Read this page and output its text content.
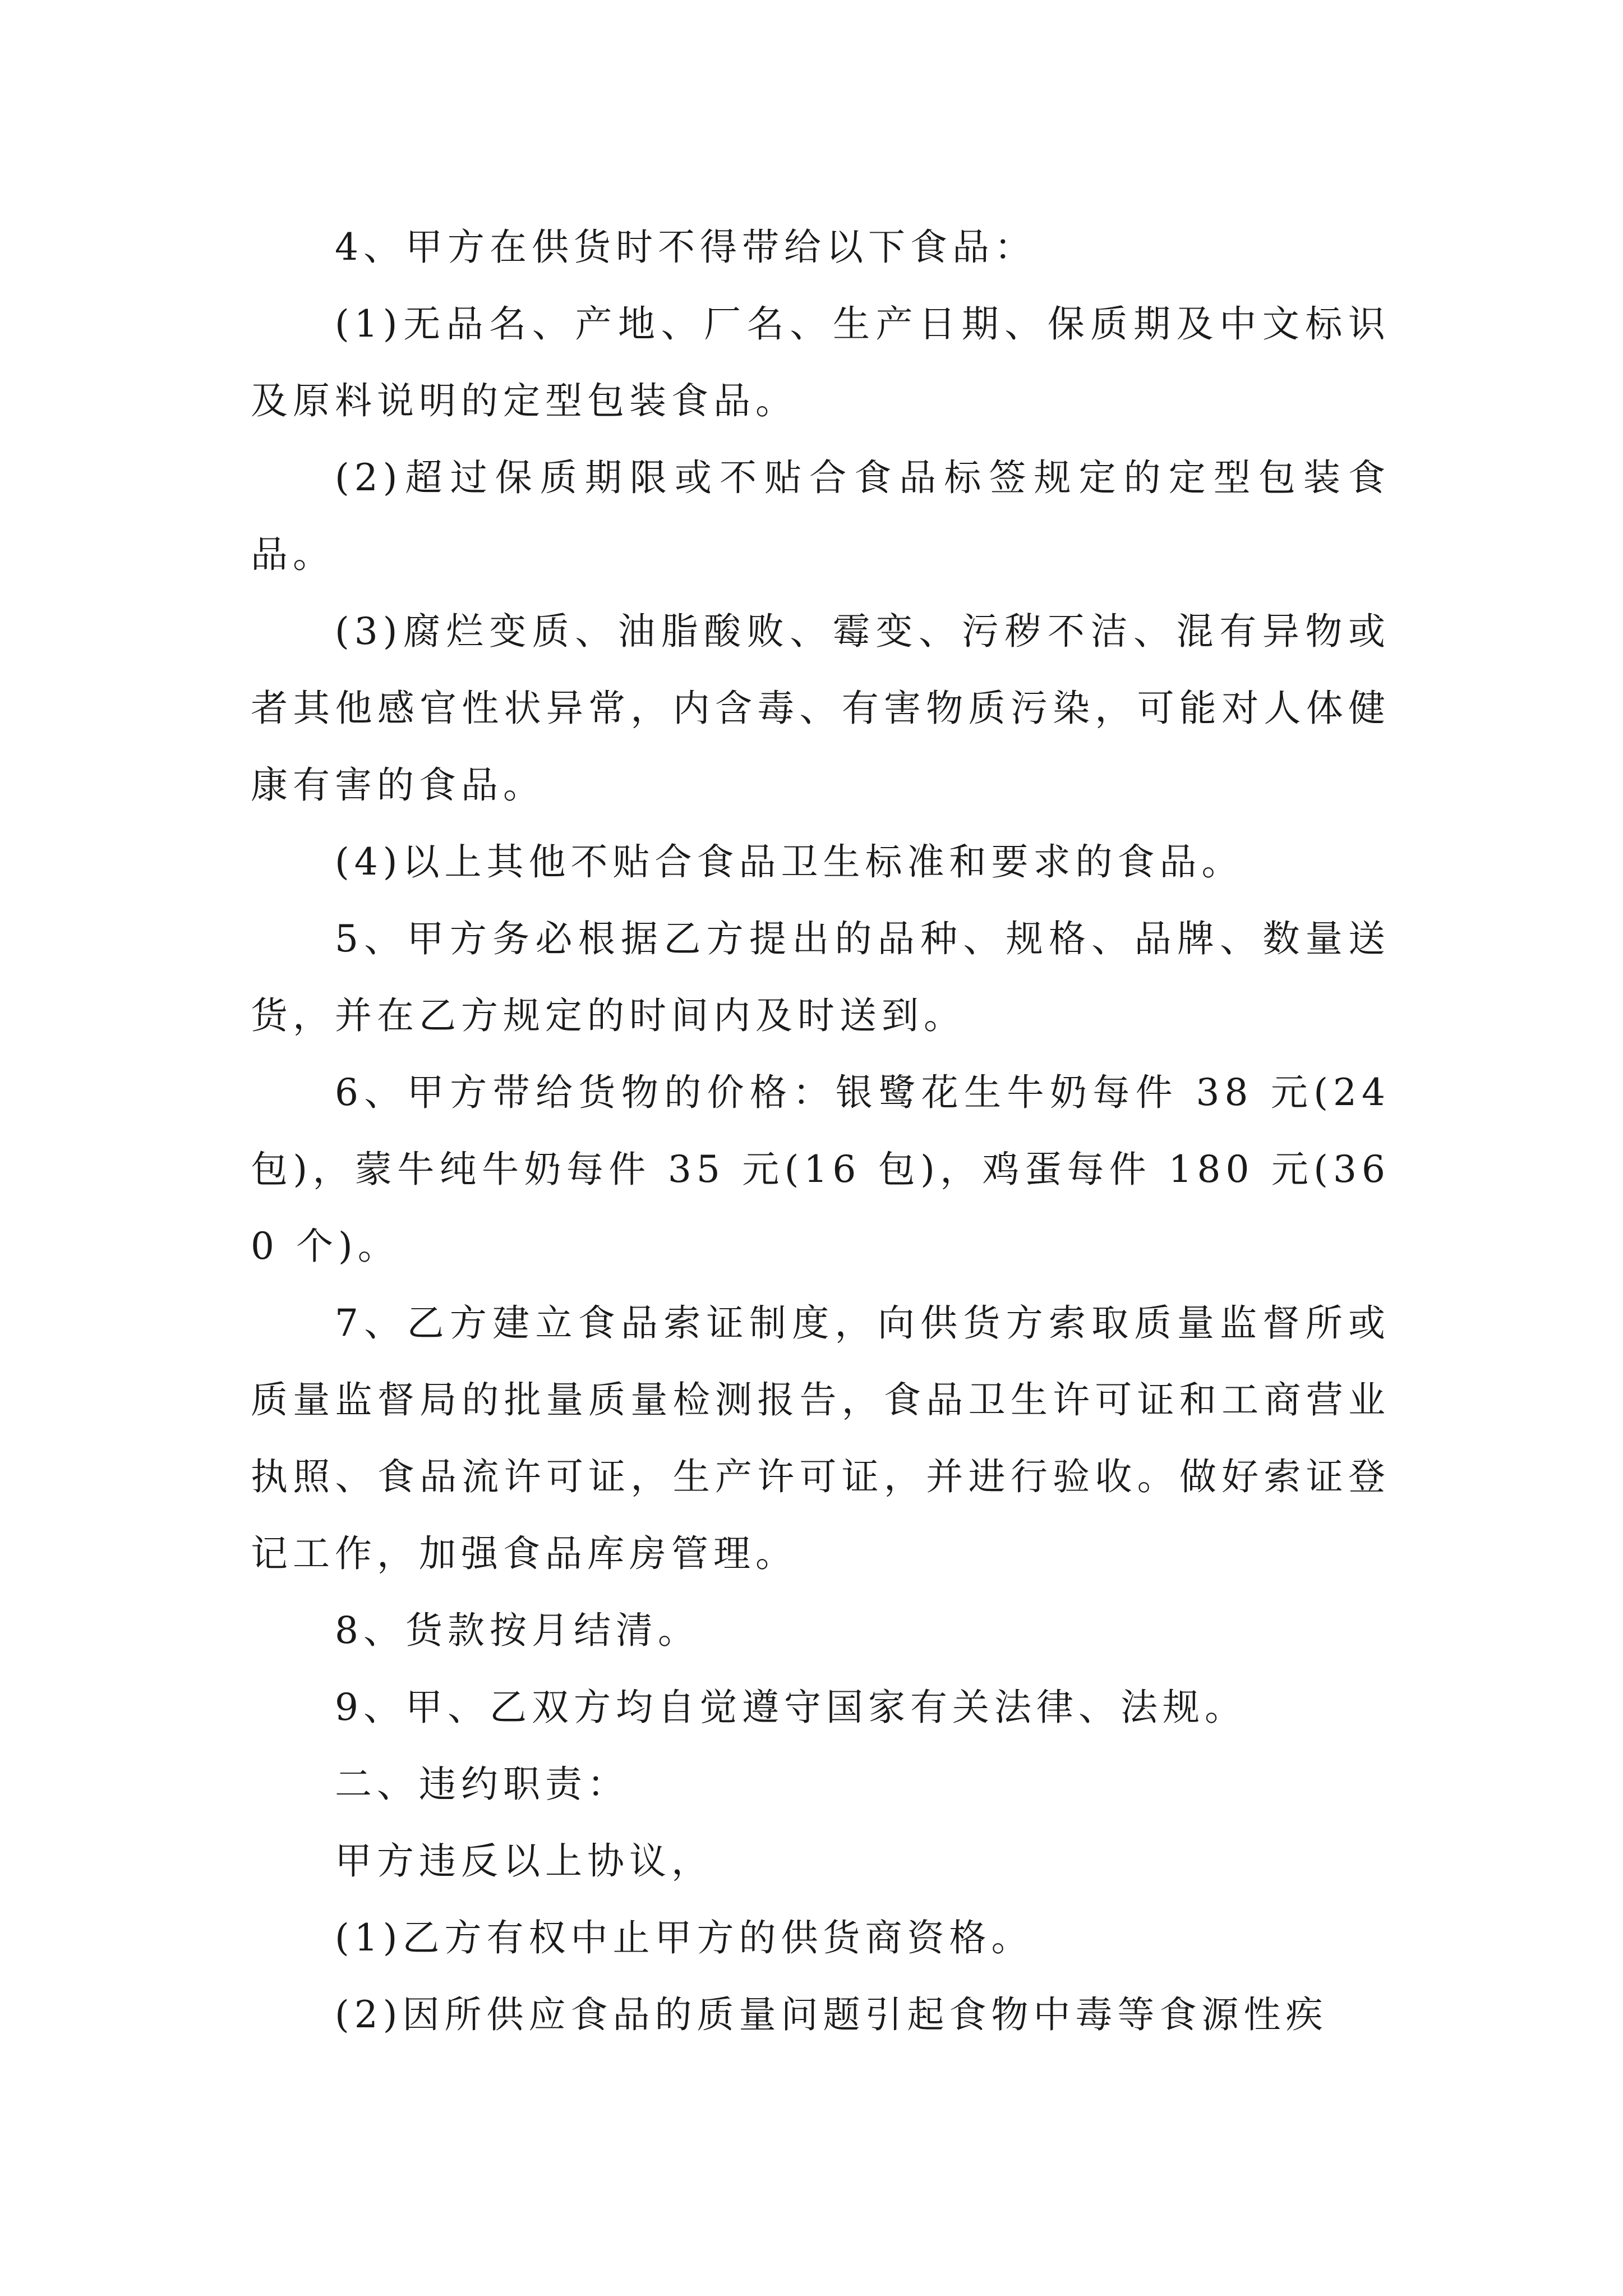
4、甲方在供货时不得带给以下食品：

(1)无品名、产地、厂名、生产日期、保质期及中文标识及原料说明的定型包装食品。

(2)超过保质期限或不贴合食品标签规定的定型包装食品。

(3)腐烂变质、油脂酸败、霉变、污秽不洁、混有异物或者其他感官性状异常，内含毒、有害物质污染，可能对人体健康有害的食品。

(4)以上其他不贴合食品卫生标准和要求的食品。

5、甲方务必根据乙方提出的品种、规格、品牌、数量送货，并在乙方规定的时间内及时送到。

6、甲方带给货物的价格：银鹭花生牛奶每件 38 元(24 包)，蒙牛纯牛奶每件 35 元(16 包)，鸡蛋每件 180 元(360 个)。

7、乙方建立食品索证制度，向供货方索取质量监督所或质量监督局的批量质量检测报告，食品卫生许可证和工商营业执照、食品流许可证，生产许可证，并进行验收。做好索证登记工作，加强食品库房管理。

8、货款按月结清。

9、甲、乙双方均自觉遵守国家有关法律、法规。

二、违约职责：

甲方违反以上协议，

(1)乙方有权中止甲方的供货商资格。

(2)因所供应食品的质量问题引起食物中毒等食源性疾
